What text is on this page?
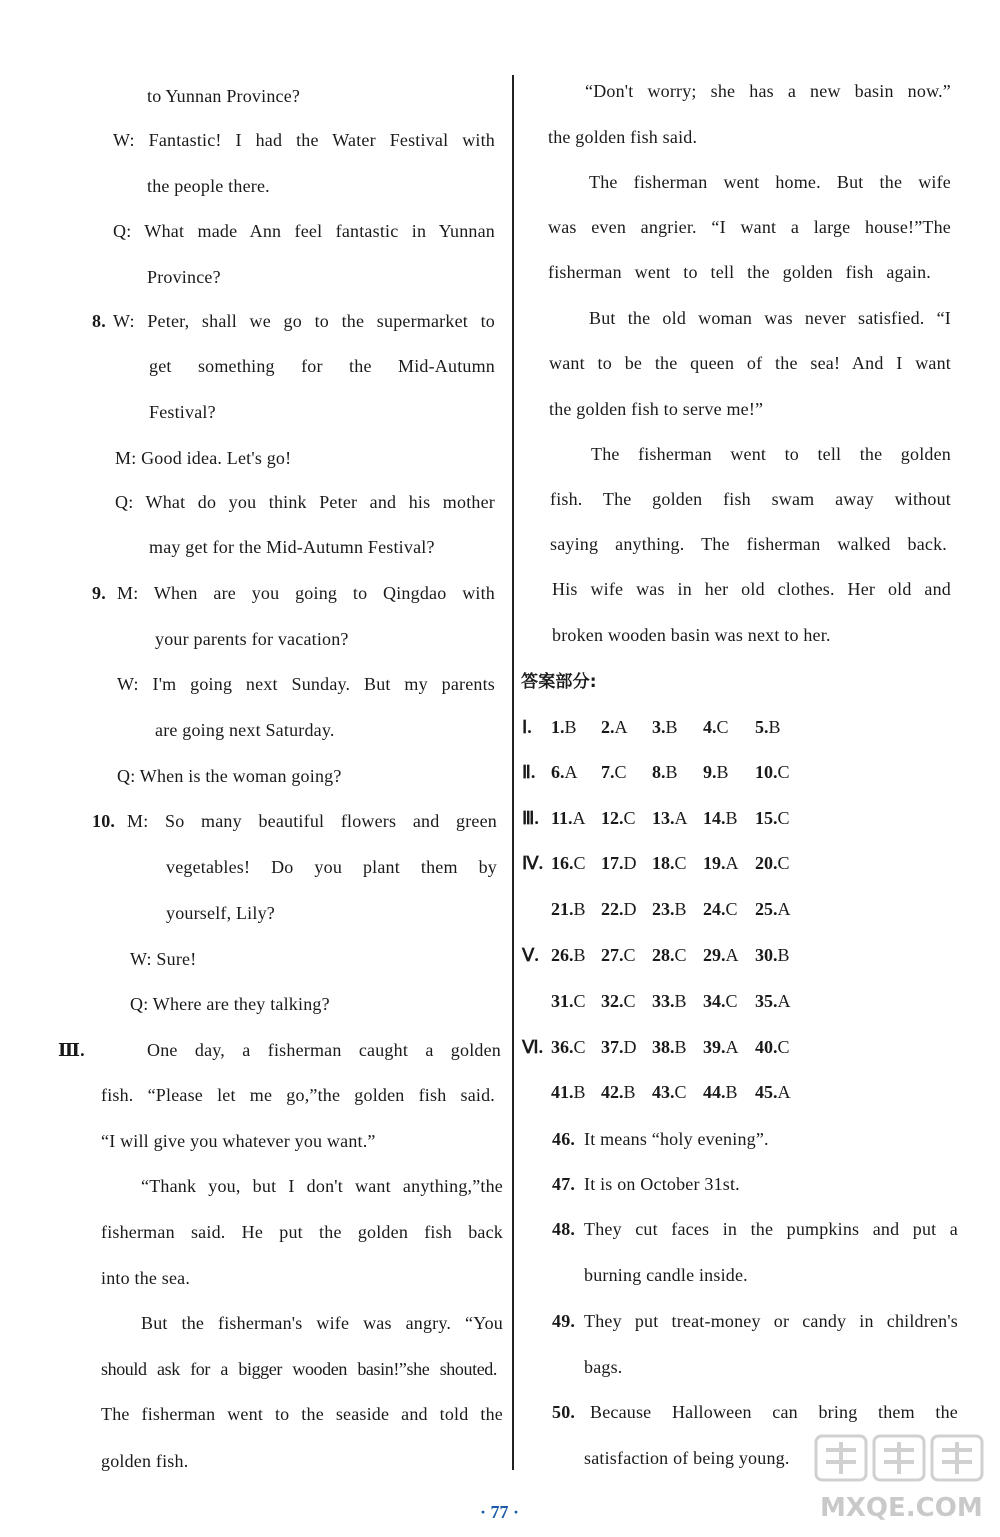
to Yunnan Province?
W: Fantastic! I had the Water Festival with
the people there.
Q: What made Ann feel fantastic in Yunnan
Province?
8. W: Peter, shall we go to the supermarket to
get something for the Mid-Autumn
Festival?
M: Good idea. Let's go!
Q: What do you think Peter and his mother
may get for the Mid-Autumn Festival?
9. M: When are you going to Qingdao with
your parents for vacation?
W: I'm going next Sunday. But my parents
are going next Saturday.
Q: When is the woman going?
10. M: So many beautiful flowers and green
vegetables! Do you plant them by
yourself, Lily?
W: Sure!
Q: Where are they talking?
Ⅲ.	One day, a fisherman caught a golden
fish. “Please let me go,”the golden fish said.
“I will give you whatever you want.”
“Thank you, but I don't want anything,”the
fisherman said. He put the golden fish back
into the sea.
But the fisherman's wife was angry. “You
should ask for a bigger wooden basin!”she shouted.
The fisherman went to the seaside and told the
golden fish.
“Don't worry; she has a new basin now.”
the golden fish said.
The fisherman went home. But the wife
was even angrier. “I want a large house!”The
fisherman went to tell the golden fish again.
But the old woman was never satisfied. “I
want to be the queen of the sea! And I want
the golden fish to serve me!”
The fisherman went to tell the golden
fish. The golden fish swam away without
saying anything. The fisherman walked back.
His wife was in her old clothes. Her old and
broken wooden basin was next to her.
答案部分:
Ⅰ. 1.B 2.A 3.B 4.C 5.B
Ⅱ. 6.A 7.C 8.B 9.B 10.C
Ⅲ. 11.A 12.C 13.A 14.B 15.C
Ⅳ. 16.C 17.D 18.C 19.A 20.C
21.B 22.D 23.B 24.C 25.A
Ⅴ. 26.B 27.C 28.C 29.A 30.B
31.C 32.C 33.B 34.C 35.A
Ⅵ. 36.C 37.D 38.B 39.A 40.C
41.B 42.B 43.C 44.B 45.A
46. It means “holy evening”.
47. It is on October 31st.
48. They cut faces in the pumpkins and put a
burning candle inside.
49. They put treat-money or candy in children's
bags.
50. Because Halloween can bring them the
satisfaction of being young.
· 77 ·	MXQE.COM
